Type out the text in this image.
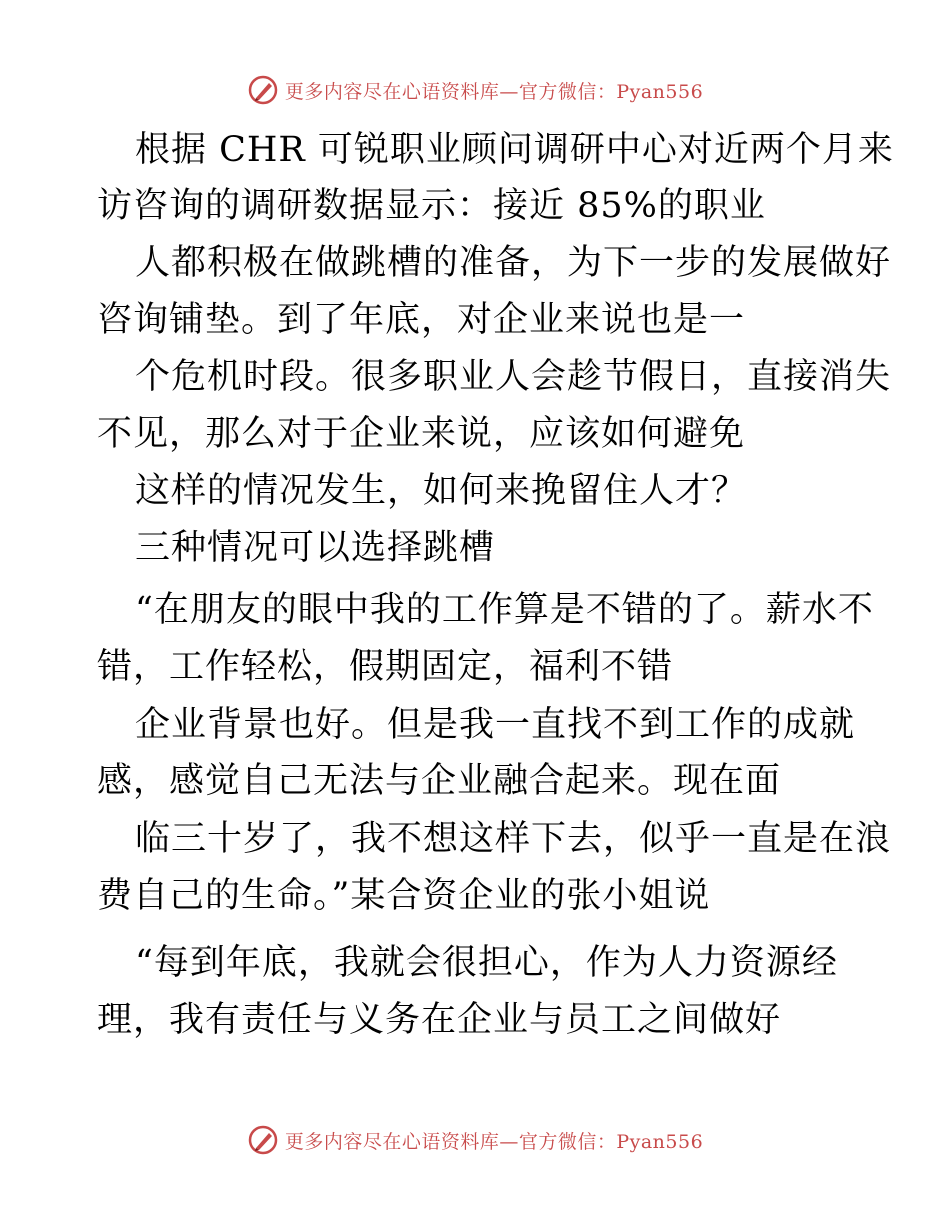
更多内容尽在心语资料库—官方微信：Pyan556
根据 CHR 可锐职业顾问调研中心对近两个月来
访咨询的调研数据显示：接近 85%的职业
人都积极在做跳槽的准备，为下一步的发展做好
咨询铺垫。到了年底，对企业来说也是一
个危机时段。很多职业人会趁节假日，直接消失
不见，那么对于企业来说，应该如何避免
这样的情况发生，如何来挽留住人才？
三种情况可以选择跳槽
“在朋友的眼中我的工作算是不错的了。薪水不
错，工作轻松，假期固定，福利不错
企业背景也好。但是我一直找不到工作的成就
感，感觉自己无法与企业融合起来。现在面
临三十岁了，我不想这样下去，似乎一直是在浪
费自己的生命。”某合资企业的张小姐说
“每到年底，我就会很担心，作为人力资源经
理，我有责任与义务在企业与员工之间做好
更多内容尽在心语资料库—官方微信：Pyan556
